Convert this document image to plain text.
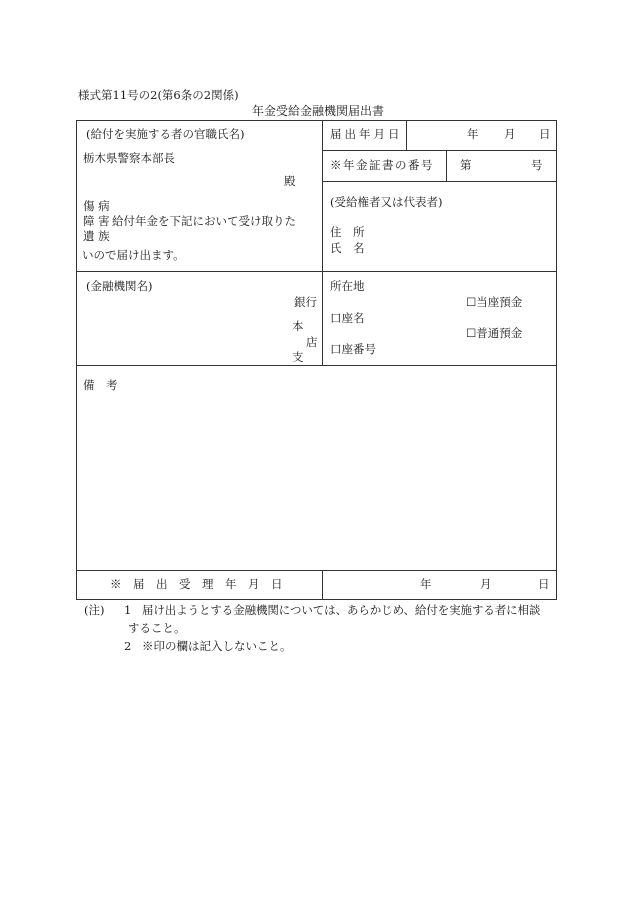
様式第11号の2(第6条の2関係)
年金受給金融機関届出書
(給付を実施する者の官職氏名)
栃木県警察本部長
殿
傷 病
障 害 給付年金を下記において受け取りた
遺 族
いので届け出ます。
届出年月日	年 月 日
※年金証書の番号 第	号
(受給権者又は代表者)
住　所
氏　名
(金融機関名)
銀行
本
店
支
所在地
☐当座預金
口座名
☐普通預金
口座番号
備　考
※　届　出　受　理　年　月　日	年	月	日
(注) 1 届け出ようとする金融機関については、あらかじめ、給付を実施する者に相談
すること。
2 ※印の欄は記入しないこと。
